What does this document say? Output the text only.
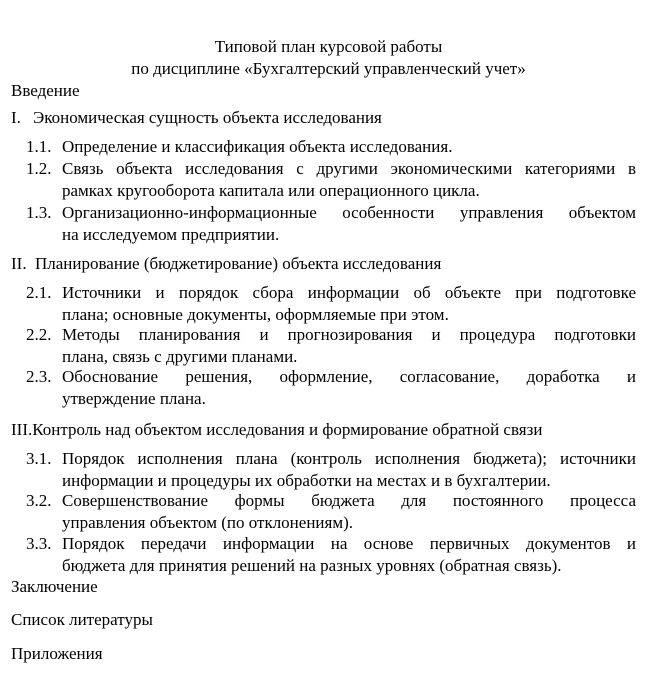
Типовой план курсовой работы
по дисциплине «Бухгалтерский управленческий учет»
Введение
I. Экономическая сущность объекта исследования
1.1. Определение и классификация объекта исследования.
1.2. Связь объекта исследования с другими экономическими категориями в
рамках кругооборота капитала или операционного цикла.
1.3. Организационно-информационные особенности управления объектом
на исследуемом предприятии.
II. Планирование (бюджетирование) объекта исследования
2.1. Источники и порядок сбора информации об объекте при подготовке
плана; основные документы, оформляемые при этом.
2.2. Методы планирования и прогнозирования и процедура подготовки
плана, связь с другими планами.
2.3. Обоснование решения, оформление, согласование, доработка и
утверждение плана.
III.Контроль над объектом исследования и формирование обратной связи
3.1. Порядок исполнения плана (контроль исполнения бюджета); источники
информации и процедуры их обработки на местах и в бухгалтерии.
3.2. Совершенствование формы бюджета для постоянного процесса
управления объектом (по отклонениям).
3.3. Порядок передачи информации на основе первичных документов и
бюджета для принятия решений на разных уровнях (обратная связь).
Заключение
Список литературы
Приложения
